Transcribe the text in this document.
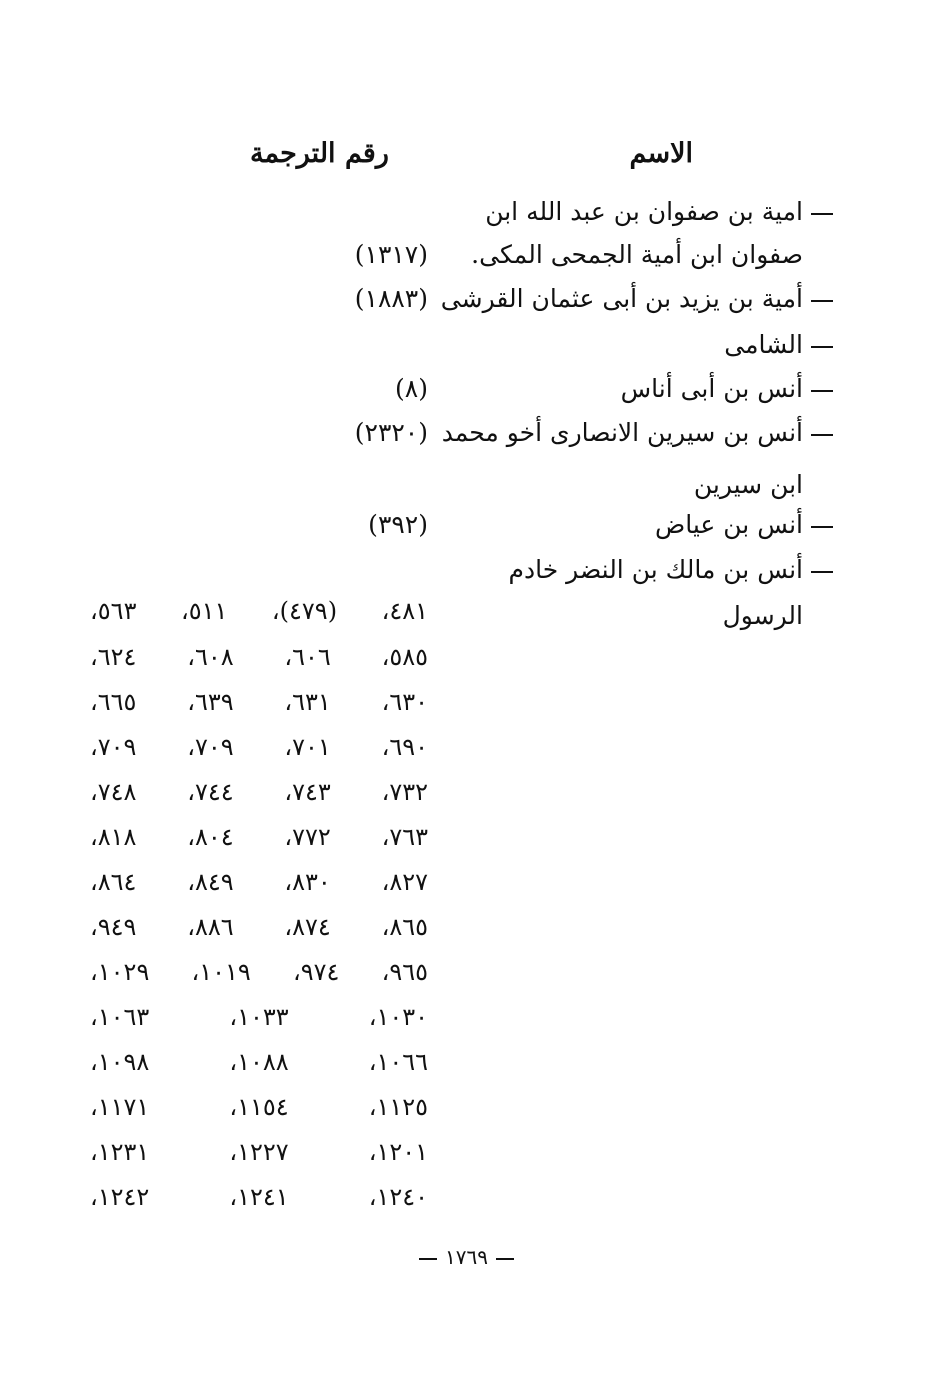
الاسم
رقم الترجمة
امية بن صفوان بن عبد الله ابن
صفوان ابن أمية الجمحى المكى.
(١٣١٧)
أمية بن يزيد بن أبى عثمان القرشى
(١٨٨٣)
الشامى
أنس بن أبى أناس
(٨)
أنس بن سيرين الانصارى أخو محمد
(٢٣٢٠)
ابن سيرين
أنس بن عياض
(٣٩٢)
أنس بن مالك بن النضر خادم
الرسول
٤٨١،
(٤٧٩)،
٥١١،
٥٦٣،
٥٨٥،
٦٠٦،
٦٠٨،
٦٢٤،
٦٣٠،
٦٣١،
٦٣٩،
٦٦٥،
٦٩٠،
٧٠١،
٧٠٩،
٧٠٩،
٧٣٢،
٧٤٣،
٧٤٤،
٧٤٨،
٧٦٣،
٧٧٢،
٨٠٤،
٨١٨،
٨٢٧،
٨٣٠،
٨٤٩،
٨٦٤،
٨٦٥،
٨٧٤،
٨٨٦،
٩٤٩،
٩٦٥،
٩٧٤،
١٠١٩،
١٠٢٩،
١٠٣٠،
١٠٣٣،
١٠٦٣،
١٠٦٦،
١٠٨٨،
١٠٩٨،
١١٢٥،
١١٥٤،
١١٧١،
١٢٠١،
١٢٢٧،
١٢٣١،
١٢٤٠،
١٢٤١،
١٢٤٢،
١٧٦٩
